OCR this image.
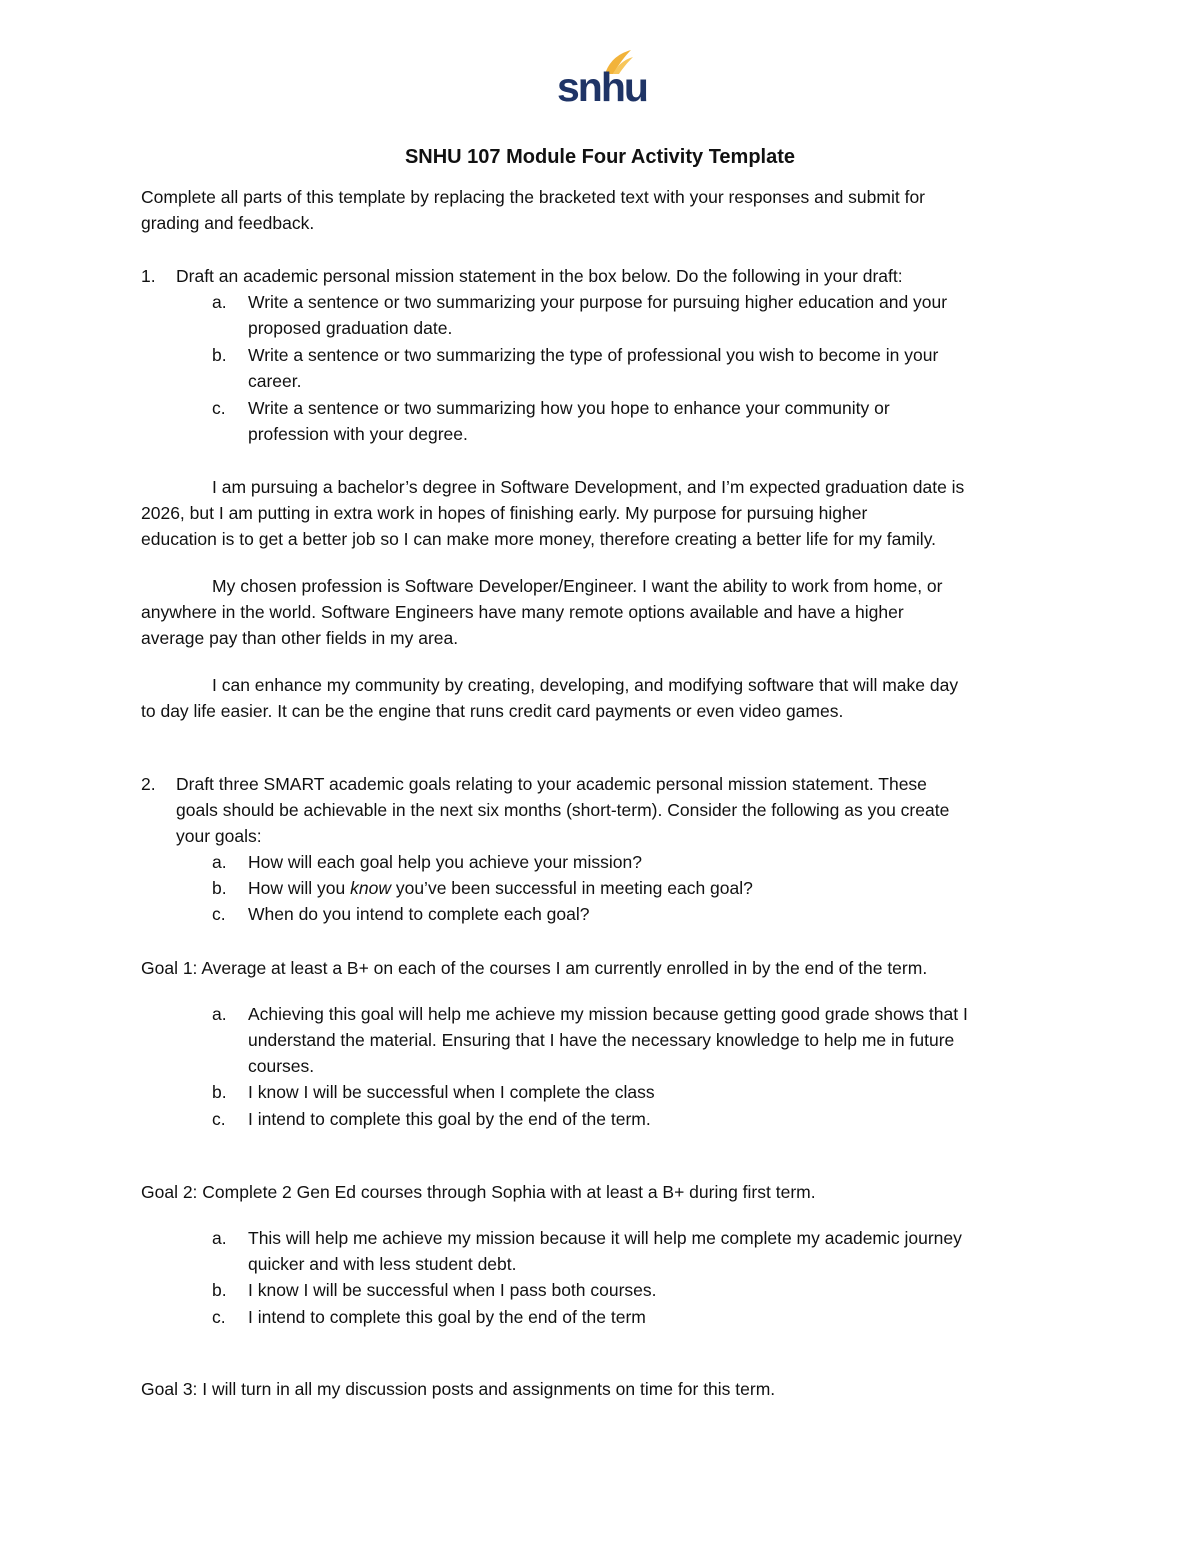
snhu
SNHU 107 Module Four Activity Template
Complete all parts of this template by replacing the bracketed text with your responses and submit for
grading and feedback.
1. Draft an academic personal mission statement in the box below. Do the following in your draft:
a. Write a sentence or two summarizing your purpose for pursuing higher education and your
proposed graduation date.
b. Write a sentence or two summarizing the type of professional you wish to become in your
career.
c. Write a sentence or two summarizing how you hope to enhance your community or
profession with your degree.
I am pursuing a bachelor’s degree in Software Development, and I’m expected graduation date is
2026, but I am putting in extra work in hopes of finishing early. My purpose for pursuing higher
education is to get a better job so I can make more money, therefore creating a better life for my family.
My chosen profession is Software Developer/Engineer. I want the ability to work from home, or
anywhere in the world. Software Engineers have many remote options available and have a higher
average pay than other fields in my area.
I can enhance my community by creating, developing, and modifying software that will make day
to day life easier. It can be the engine that runs credit card payments or even video games.
2. Draft three SMART academic goals relating to your academic personal mission statement. These
goals should be achievable in the next six months (short-term). Consider the following as you create
your goals:
a. How will each goal help you achieve your mission?
b. How will you know you’ve been successful in meeting each goal?
c. When do you intend to complete each goal?
Goal 1: Average at least a B+ on each of the courses I am currently enrolled in by the end of the term.
a. Achieving this goal will help me achieve my mission because getting good grade shows that I
understand the material. Ensuring that I have the necessary knowledge to help me in future
courses.
b. I know I will be successful when I complete the class
c. I intend to complete this goal by the end of the term.
Goal 2: Complete 2 Gen Ed courses through Sophia with at least a B+ during first term.
a. This will help me achieve my mission because it will help me complete my academic journey
quicker and with less student debt.
b. I know I will be successful when I pass both courses.
c. I intend to complete this goal by the end of the term
Goal 3: I will turn in all my discussion posts and assignments on time for this term.
